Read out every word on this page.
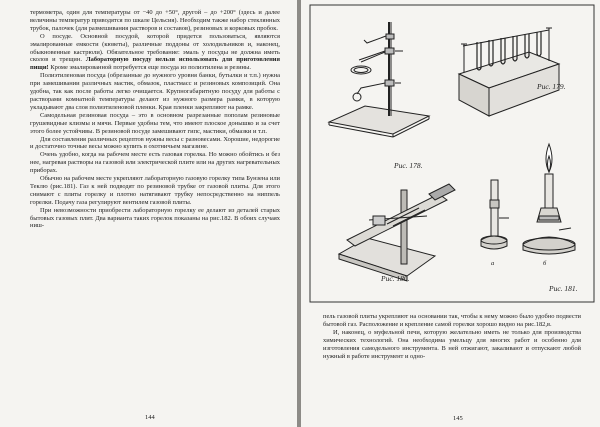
термометра, один для температуры от −40 до +50°, другой – до +200° (здесь и далее величины температур приводятся по шкале Цельсия). Необходим также набор стеклянных трубок, палочек (для размешивания растворов и составов), резиновых и корковых пробок.

О посуде. Основной посудой, которой придется пользоваться, являются эмалированные емкости (кюветы), различные поддоны от холодильников и, наконец, обыкновенные кастрюли). Обязательное требование: эмаль у посуды не должна иметь сколов и трещин. Лабораторную посуду нельзя использовать для приготовления пищи! Кроме эмалированной потребуется еще посуда из полиэтилена и резины.

Полиэтиленовая посуда (обрезанные до нужного уровня банки, бутылки и т.п.) нужна при замешивании различных мастик, обмазок, пластмасс и резиновых композиций. Она удобна, так как после работы легко очищается. Крупногабаритную посуду для работы с растворами комнатной температуры делают из нужного размера рамки, в которую укладывают два слоя полиэтиленовой пленки. Края пленки закрепляют на рамке.

Самодельная резиновая посуда – это в основном разрезанные пополам резиновые грушевидные клизмы и мячи. Первые удобны тем, что имеют плоское донышко и за счет этого более устойчивы. В резиновой посуде замешивают гипс, мастики, обмазки и т.п.

Для составления различных рецептов нужны весы с разновесами. Хорошие, недорогие и достаточно точные весы можно купить в охотничьем магазине.

Очень удобно, когда на рабочем месте есть газовая горелка. Но можно обойтись и без нее, нагревая растворы на газовой или электрической плите или на других нагревательных приборах.

Обычно на рабочем месте укрепляют лабораторную газовую горелку типа Бунзена или Теклю (рис.181). Газ к ней подводят по резиновой трубке от газовой плиты. Для этого снимают с плиты горелку и плотно натягивают трубку непосредственно на ниппель горелки. Подачу газа регулируют вентилем газовой плиты.

При невозможности приобрести лабораторную горелку ее делают из деталей старых бытовых газовых плит. Два варианта таких горелок показаны на рис.182. В обоих случаях ниш-

144
Рис. 178.
Рис. 179.
Рис. 180.
Рис. 181.
а	б

пель газовой плиты укрепляют на основании так, чтобы к нему можно было удобно подвести бытовой газ. Расположение и крепление самой горелки хорошо видно на рис.182,в.

И, наконец, о муфельной печи, которую желательно иметь не только для производства химических технологий. Она необходима умельцу для многих работ и особенно для изготовления самодельного инструмента. В ней отжигают, закаливают и отпускают любой нужный в работе инструмент и одно-

145
